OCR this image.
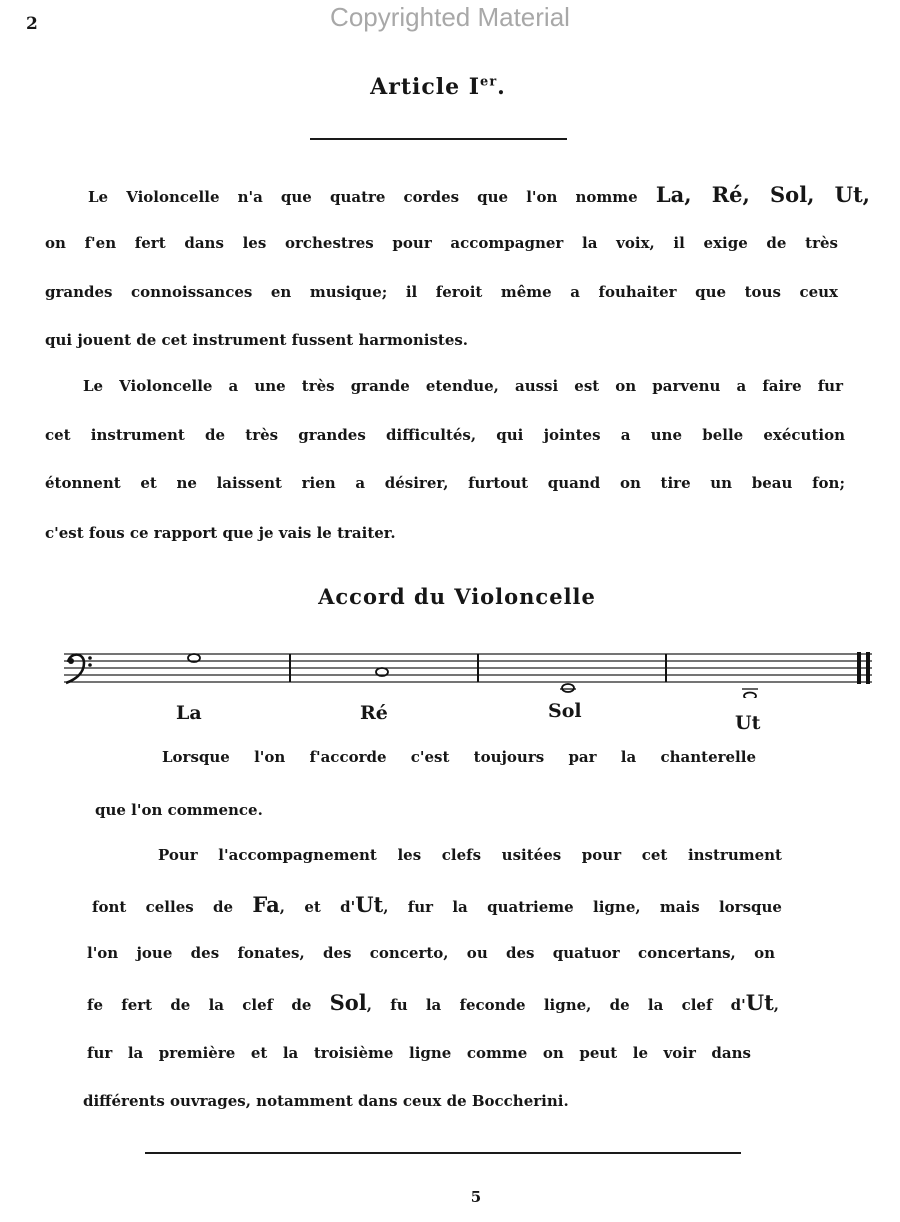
Copyrighted Material
2
Article Ier.
Le Violoncelle n'a que quatre cordes que l'on nomme La, Ré, Sol, Ut,
on f'en fert dans les orchestres pour accompagner la voix, il exige de très
grandes connoissances en musique; il feroit même a fouhaiter que tous ceux
qui jouent de cet instrument fussent harmonistes.
Le Violoncelle a une très grande etendue, aussi est on parvenu a faire fur
cet instrument de très grandes difficultés, qui jointes a une belle exécution
étonnent et ne laissent rien a désirer, furtout quand on tire un beau fon;
c'est fous ce rapport que je vais le traiter.
Accord du Violoncelle
La	Ré	Sol
Ut
Lorsque l'on f'accorde c'est toujours par la chanterelle
que l'on commence.
Pour l'accompagnement les clefs usitées pour cet instrument
font celles de Fa, et d'Ut, fur la quatrieme ligne, mais lorsque
l'on joue des fonates, des concerto, ou des quatuor concertans, on
fe fert de la clef de Sol, fu la feconde ligne, de la clef d'Ut,
fur la première et la troisième ligne comme on peut le voir dans
différents ouvrages, notamment dans ceux de Boccherini.
5
